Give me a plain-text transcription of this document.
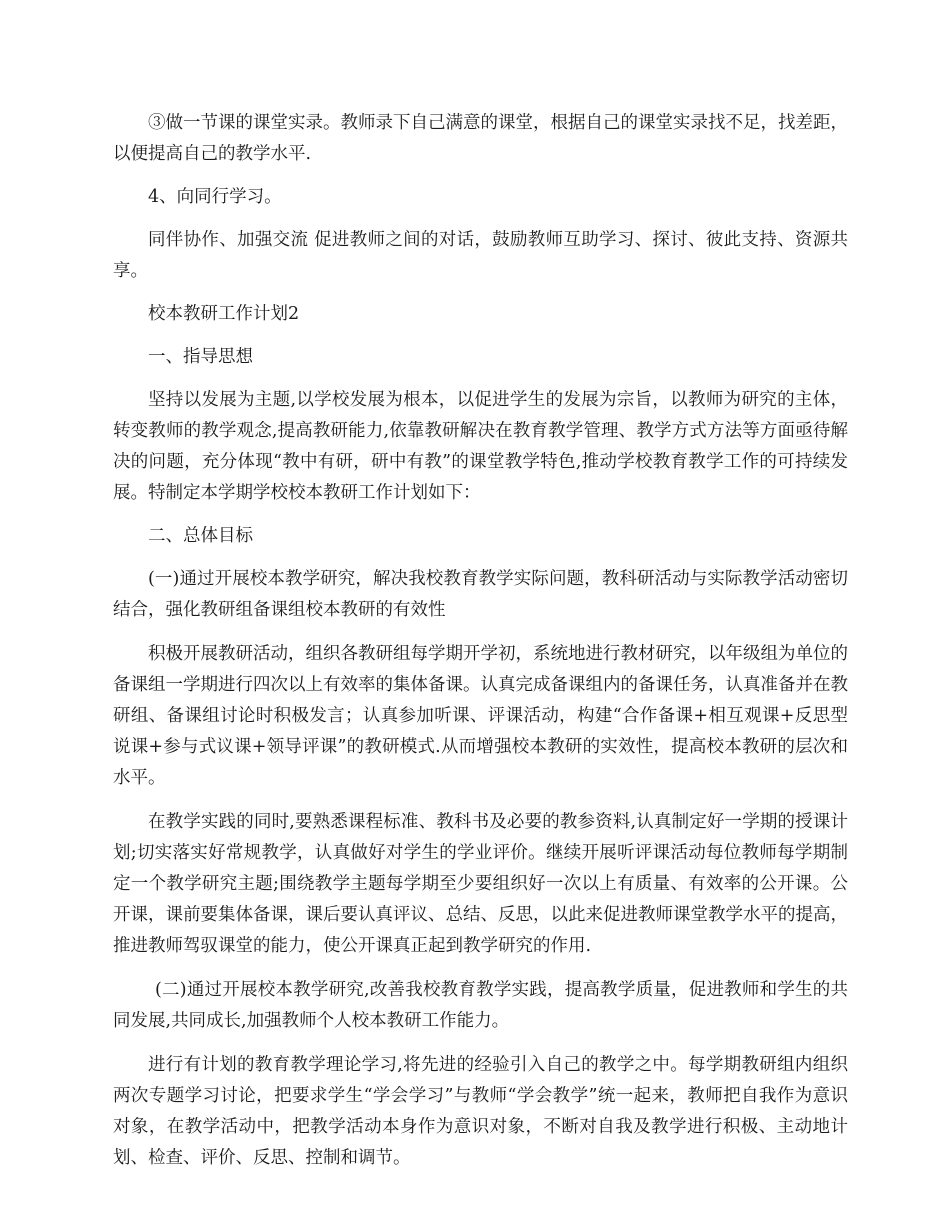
③做一节课的课堂实录。教师录下自己满意的课堂，根据自己的课堂实录找不足，找差距，以便提高自己的教学水平.

4、向同行学习。

同伴协作、加强交流 促进教师之间的对话，鼓励教师互助学习、探讨、彼此支持、资源共享。

校本教研工作计划2

一、指导思想

坚持以发展为主题,以学校发展为根本，以促进学生的发展为宗旨，以教师为研究的主体，转变教师的教学观念,提高教研能力,依靠教研解决在教育教学管理、教学方式方法等方面亟待解决的问题，充分体现“教中有研，研中有教”的课堂教学特色,推动学校教育教学工作的可持续发展。特制定本学期学校校本教研工作计划如下：

二、总体目标

(一)通过开展校本教学研究，解决我校教育教学实际问题，教科研活动与实际教学活动密切结合，强化教研组备课组校本教研的有效性

积极开展教研活动，组织各教研组每学期开学初，系统地进行教材研究，以年级组为单位的备课组一学期进行四次以上有效率的集体备课。认真完成备课组内的备课任务，认真准备并在教研组、备课组讨论时积极发言；认真参加听课、评课活动，构建“合作备课+相互观课+反思型说课+参与式议课+领导评课”的教研模式.从而增强校本教研的实效性，提高校本教研的层次和水平。

在教学实践的同时,要熟悉课程标准、教科书及必要的教参资料,认真制定好一学期的授课计划;切实落实好常规教学，认真做好对学生的学业评价。继续开展听评课活动每位教师每学期制定一个教学研究主题;围绕教学主题每学期至少要组织好一次以上有质量、有效率的公开课。公开课，课前要集体备课，课后要认真评议、总结、反思，以此来促进教师课堂教学水平的提高，推进教师驾驭课堂的能力，使公开课真正起到教学研究的作用.

(二)通过开展校本教学研究,改善我校教育教学实践，提高教学质量，促进教师和学生的共同发展,共同成长,加强教师个人校本教研工作能力。

进行有计划的教育教学理论学习,将先进的经验引入自己的教学之中。每学期教研组内组织两次专题学习讨论，把要求学生“学会学习”与教师“学会教学”统一起来，教师把自我作为意识对象，在教学活动中，把教学活动本身作为意识对象，不断对自我及教学进行积极、主动地计划、检查、评价、反思、控制和调节。
